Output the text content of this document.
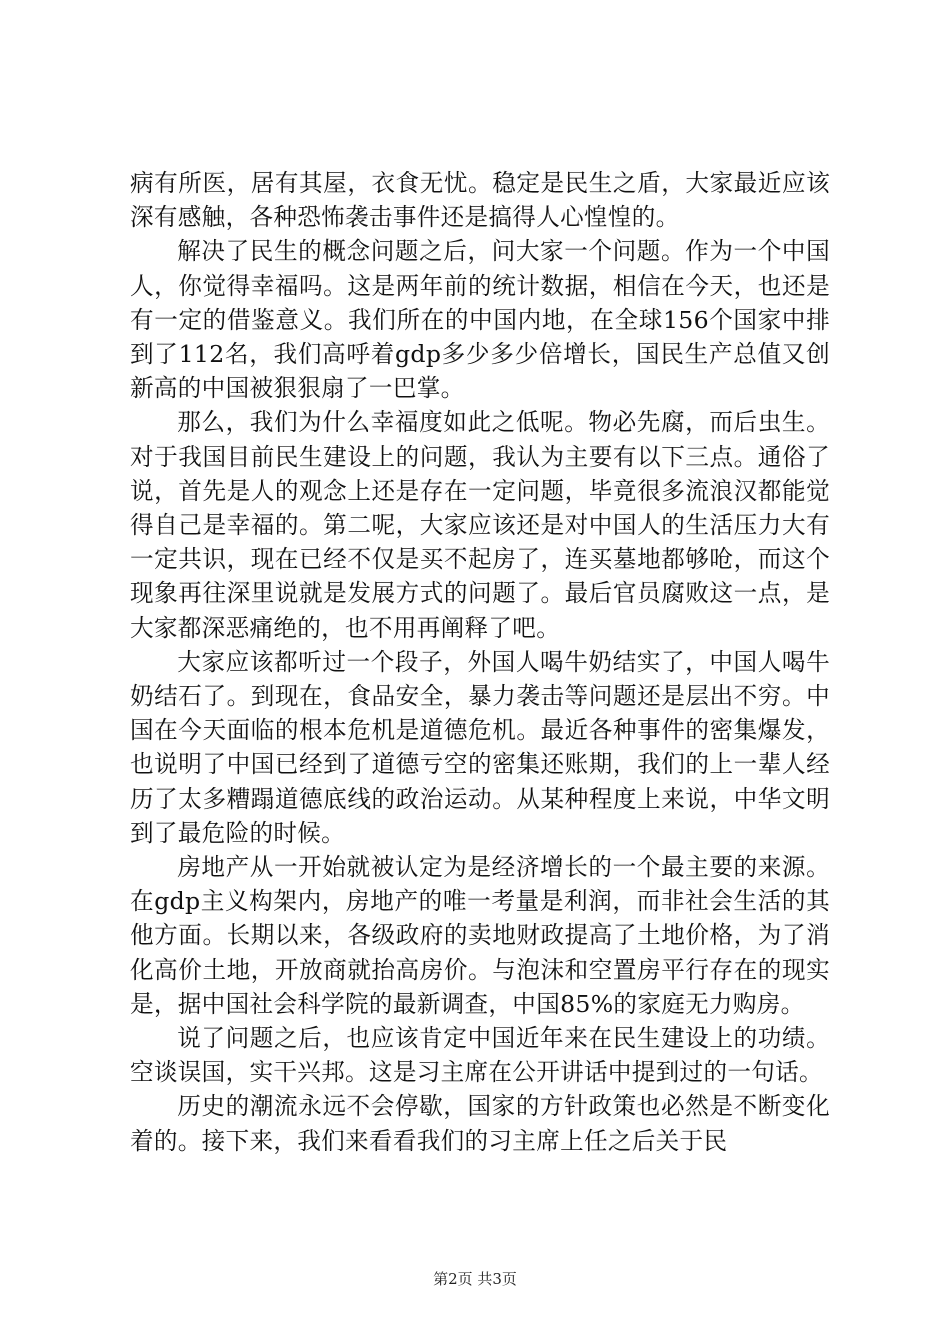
病有所医，居有其屋，衣食无忧。稳定是民生之盾，大家最近应该深有感触，各种恐怖袭击事件还是搞得人心惶惶的。

解决了民生的概念问题之后，问大家一个问题。作为一个中国人，你觉得幸福吗。这是两年前的统计数据，相信在今天，也还是有一定的借鉴意义。我们所在的中国内地，在全球156个国家中排到了112名，我们高呼着gdp多少多少倍增长，国民生产总值又创新高的中国被狠狠扇了一巴掌。

那么，我们为什么幸福度如此之低呢。物必先腐，而后虫生。对于我国目前民生建设上的问题，我认为主要有以下三点。通俗了说，首先是人的观念上还是存在一定问题，毕竟很多流浪汉都能觉得自己是幸福的。第二呢，大家应该还是对中国人的生活压力大有一定共识，现在已经不仅是买不起房了，连买墓地都够呛，而这个现象再往深里说就是发展方式的问题了。最后官员腐败这一点，是大家都深恶痛绝的，也不用再阐释了吧。

大家应该都听过一个段子，外国人喝牛奶结实了，中国人喝牛奶结石了。到现在，食品安全，暴力袭击等问题还是层出不穷。中国在今天面临的根本危机是道德危机。最近各种事件的密集爆发，也说明了中国已经到了道德亏空的密集还账期，我们的上一辈人经历了太多糟蹋道德底线的政治运动。从某种程度上来说，中华文明到了最危险的时候。

房地产从一开始就被认定为是经济增长的一个最主要的来源。在gdp主义构架内，房地产的唯一考量是利润，而非社会生活的其他方面。长期以来，各级政府的卖地财政提高了土地价格，为了消化高价土地，开放商就抬高房价。与泡沫和空置房平行存在的现实是，据中国社会科学院的最新调查，中国85%的家庭无力购房。

说了问题之后，也应该肯定中国近年来在民生建设上的功绩。空谈误国，实干兴邦。这是习主席在公开讲话中提到过的一句话。

历史的潮流永远不会停歇，国家的方针政策也必然是不断变化着的。接下来，我们来看看我们的习主席上任之后关于民

第2页 共3页
